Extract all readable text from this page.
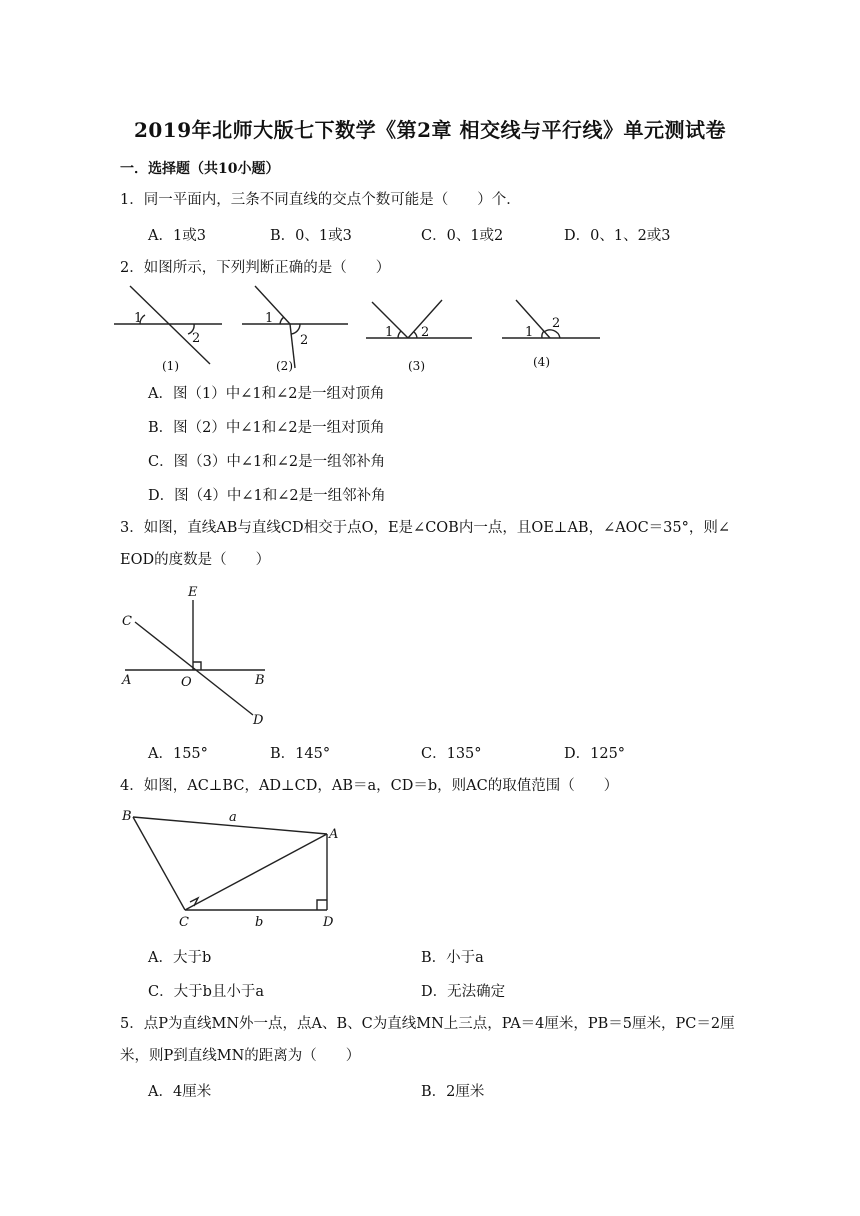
2019年北师大版七下数学《第2章 相交线与平行线》单元测试卷
一．选择题（共10小题）
1．同一平面内，三条不同直线的交点个数可能是（　　）个．
A．1或3	B．0、1或3	C．0、1或2	D．0、1、2或3
2．如图所示，下列判断正确的是（　　）
1
2
(1)
1
2
(2)
1 2
(3)
1
2
(4)
A．图（1）中∠1和∠2是一组对顶角
B．图（2）中∠1和∠2是一组对顶角
C．图（3）中∠1和∠2是一组邻补角
D．图（4）中∠1和∠2是一组邻补角
3．如图，直线AB与直线CD相交于点O，E是∠COB内一点，且OE⊥AB，∠AOC＝35°，则∠
EOD的度数是（　　）
E
C
A	O	B
D
A．155°	B．145°	C．135°	D．125°
4．如图，AC⊥BC，AD⊥CD，AB＝a，CD＝b，则AC的取值范围（　　）
B
A
C	D
a
b
A．大于b	B．小于a
C．大于b且小于a	D．无法确定
5．点P为直线MN外一点，点A、B、C为直线MN上三点，PA＝4厘米，PB＝5厘米，PC＝2厘
米，则P到直线MN的距离为（　　）
A．4厘米	B．2厘米
